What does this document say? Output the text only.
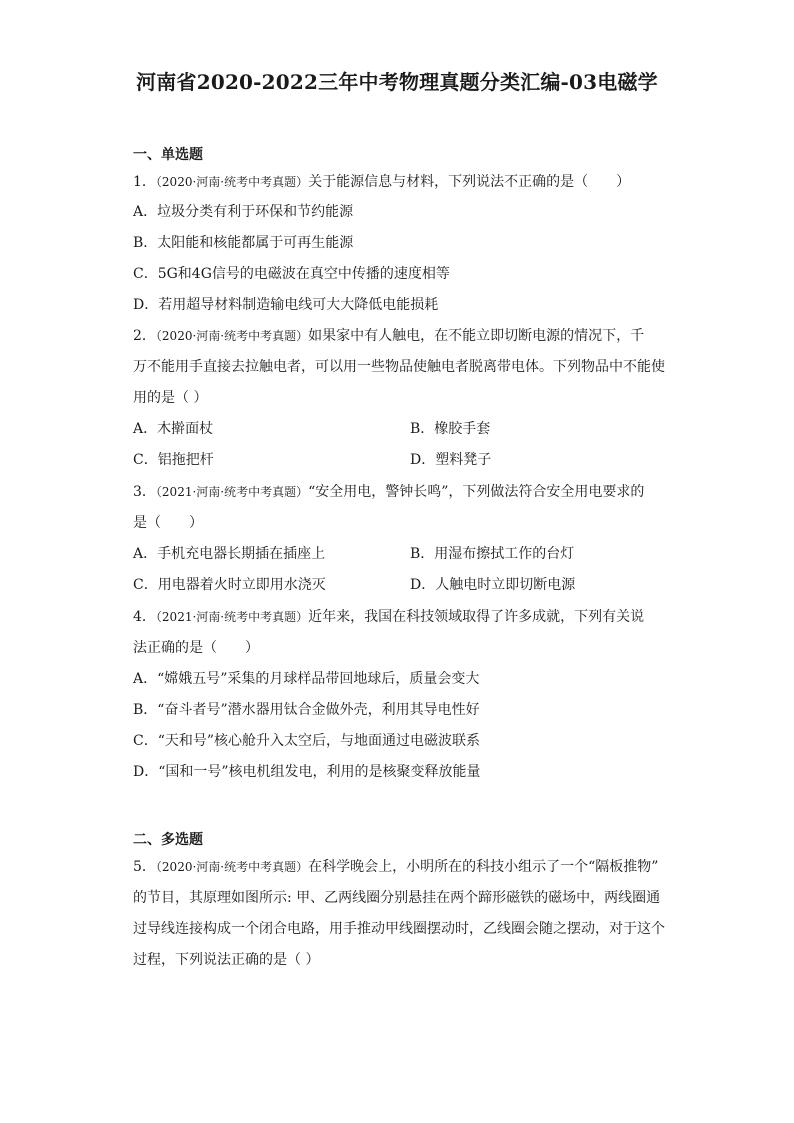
河南省2020-2022三年中考物理真题分类汇编-03电磁学
一、单选题
1．（2020·河南·统考中考真题）关于能源信息与材料，下列说法不正确的是（　　）
A．垃圾分类有利于环保和节约能源
B．太阳能和核能都属于可再生能源
C．5G和4G信号的电磁波在真空中传播的速度相等
D．若用超导材料制造输电线可大大降低电能损耗
2．（2020·河南·统考中考真题）如果家中有人触电，在不能立即切断电源的情况下，千
万不能用手直接去拉触电者，可以用一些物品使触电者脱离带电体。下列物品中不能使
用的是（ ）
A．木擀面杖	B．橡胶手套
C．铝拖把杆	D．塑料凳子
3．（2021·河南·统考中考真题）“安全用电，警钟长鸣”，下列做法符合安全用电要求的
是（　　）
A．手机充电器长期插在插座上	B．用湿布擦拭工作的台灯
C．用电器着火时立即用水浇灭	D．人触电时立即切断电源
4．（2021·河南·统考中考真题）近年来，我国在科技领域取得了许多成就，下列有关说
法正确的是（　　）
A．“嫦娥五号”采集的月球样品带回地球后，质量会变大
B．“奋斗者号”潜水器用钛合金做外壳，利用其导电性好
C．“天和号”核心舱升入太空后，与地面通过电磁波联系
D．“国和一号”核电机组发电，利用的是核聚变释放能量
二、多选题
5．（2020·河南·统考中考真题）在科学晚会上，小明所在的科技小组示了一个“隔板推物”
的节目，其原理如图所示: 甲、乙两线圈分别悬挂在两个蹄形磁铁的磁场中，两线圈通
过导线连接构成一个闭合电路，用手推动甲线圈摆动时，乙线圈会随之摆动，对于这个
过程，下列说法正确的是（ ）
